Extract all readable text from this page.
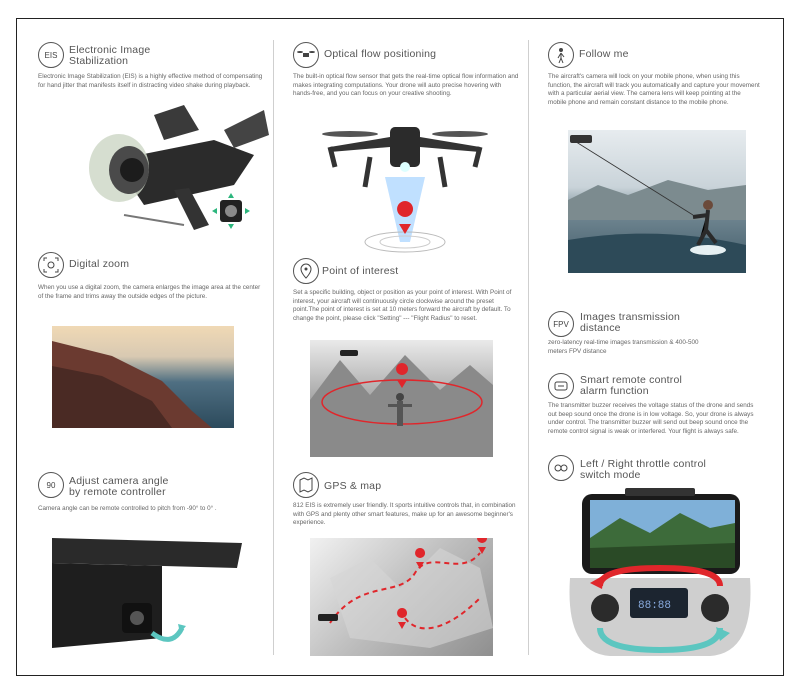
EIS Electronic Image
Stabilization
Electronic Image Stabilization (EIS) is a highly effective method of compensating for hand jitter that manifests itself in distracting video shake during playback.
Digital zoom
When you use a digital zoom, the camera enlarges the image area at the center of the frame and trims away the outside edges of the picture.
90 Adjust camera angle
by remote controller
Camera angle can be remote controlled to pitch from -90° to 0° .
Optical flow positioning
The built-in optical flow sensor that gets the real-time optical flow information and makes integrating computations. Your drone will auto precise hovering with hands-free, and you can focus on your creative shooting.
Point of interest
Set a specific building, object or position as your point of interest. With Point of interest, your aircraft will continuously circle clockwise around the preset point.The point of interest is set at 10 meters forward the aircraft by default. To change the point, please click "Setting" --- "Flight Radius" to reset.
GPS & map
812 EIS is extremely user friendly. It sports intuitive controls that, in combination with GPS and plenty other smart features, make up for an awesome beginner's experience.
Follow me
The aircraft's camera will lock on your mobile phone, when using this function, the aircraft will track you automatically and capture your movement with a particular aerial view. The camera lens will keep pointing at the mobile phone and remain constant distance to the mobile phone.
FPV
Images transmission
distance
zero-latency real-time images transmission & 400-500 meters FPV distance
Smart remote control
alarm function
The transmitter buzzer receives the voltage status of the drone and sends out beep sound once the drone is in low voltage. So, your drone is always under control. The transmitter buzzer will send out beep sound once the remote control signal is weak or interfered. Your flight is always safe.
Left / Right throttle control
switch mode
88:88
